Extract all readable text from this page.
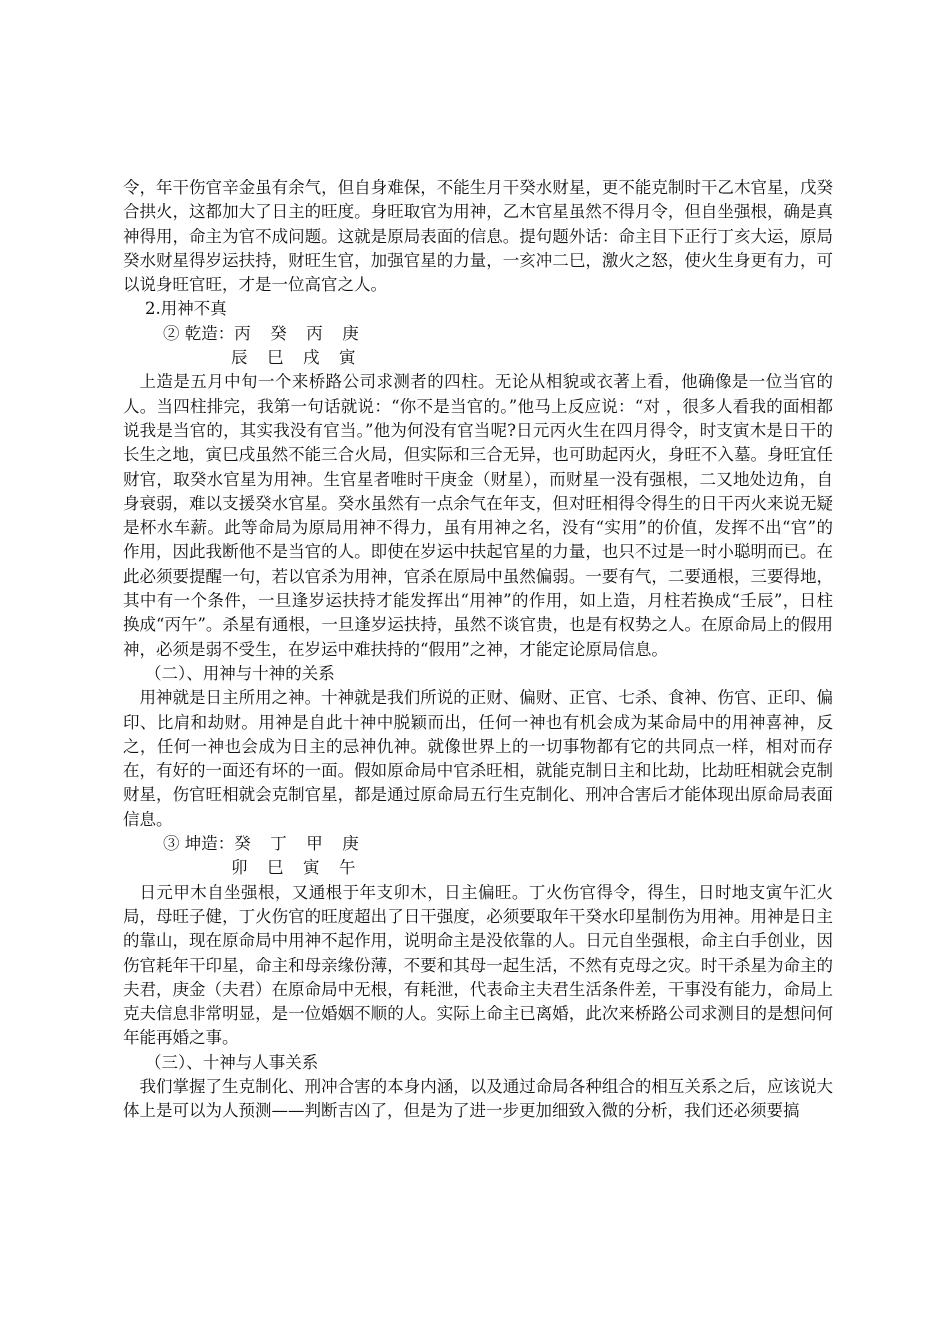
令，年干伤官辛金虽有余气，但自身难保，不能生月干癸水财星，更不能克制时干乙木官星，戊癸合拱火，这都加大了日主的旺度。身旺取官为用神，乙木官星虽然不得月令，但自坐强根，确是真神得用，命主为官不成问题。这就是原局表面的信息。提句题外话：命主目下正行丁亥大运，原局癸水财星得岁运扶持，财旺生官，加强官星的力量，一亥冲二巳，激火之怒，使火生身更有力，可以说身旺官旺，才是一位高官之人。

2.用神不真
② 乾造：丙 癸 丙 庚
辰 巳 戌 寅

上造是五月中旬一个来桥路公司求测者的四柱。无论从相貌或衣著上看，他确像是一位当官的人。当四柱排完，我第一句话就说：“你不是当官的。”他马上反应说：“对 ，很多人看我的面相都说我是当官的，其实我没有官当。”他为何没有官当呢?日元丙火生在四月得令，时支寅木是日干的长生之地，寅巳戌虽然不能三合火局，但实际和三合无异，也可助起丙火，身旺不入墓。身旺宜任财官，取癸水官星为用神。生官星者唯时干庚金（财星），而财星一没有强根，二又地处边角，自身衰弱，难以支援癸水官星。癸水虽然有一点余气在年支，但对旺相得令得生的日干丙火来说无疑是杯水车薪。此等命局为原局用神不得力，虽有用神之名，没有“实用”的价值，发挥不出“官”的作用，因此我断他不是当官的人。即使在岁运中扶起官星的力量，也只不过是一时小聪明而已。在此必须要提醒一句，若以官杀为用神，官杀在原局中虽然偏弱。一要有气，二要通根，三要得地，其中有一个条件，一旦逢岁运扶持才能发挥出“用神”的作用，如上造，月柱若换成“壬辰”，日柱换成“丙午”。杀星有通根，一旦逢岁运扶持，虽然不谈官贵，也是有权势之人。在原命局上的假用神，必须是弱不受生，在岁运中难扶持的“假用”之神，才能定论原局信息。

（二）、用神与十神的关系

用神就是日主所用之神。十神就是我们所说的正财、偏财、正官、七杀、食神、伤官、正印、偏印、比肩和劫财。用神是自此十神中脱颖而出，任何一神也有机会成为某命局中的用神喜神，反之，任何一神也会成为日主的忌神仇神。就像世界上的一切事物都有它的共同点一样，相对而存在，有好的一面还有坏的一面。假如原命局中官杀旺相，就能克制日主和比劫，比劫旺相就会克制财星，伤官旺相就会克制官星，都是通过原命局五行生克制化、刑冲合害后才能体现出原命局表面信息。

③ 坤造：癸 丁 甲 庚
卯 巳 寅 午

日元甲木自坐强根，又通根于年支卯木，日主偏旺。丁火伤官得令，得生，日时地支寅午汇火局，母旺子健，丁火伤官的旺度超出了日干强度，必须要取年干癸水印星制伤为用神。用神是日主的靠山，现在原命局中用神不起作用，说明命主是没依靠的人。日元自坐强根，命主白手创业，因伤官耗年干印星，命主和母亲缘份薄，不要和其母一起生活，不然有克母之灾。时干杀星为命主的夫君，庚金（夫君）在原命局中无根，有耗泄，代表命主夫君生活条件差，干事没有能力，命局上克夫信息非常明显，是一位婚姻不顺的人。实际上命主已离婚，此次来桥路公司求测目的是想问何年能再婚之事。

（三）、十神与人事关系

我们掌握了生克制化、刑冲合害的本身内涵，以及通过命局各种组合的相互关系之后，应该说大体上是可以为人预测——判断吉凶了，但是为了进一步更加细致入微的分析，我们还必须要搞
